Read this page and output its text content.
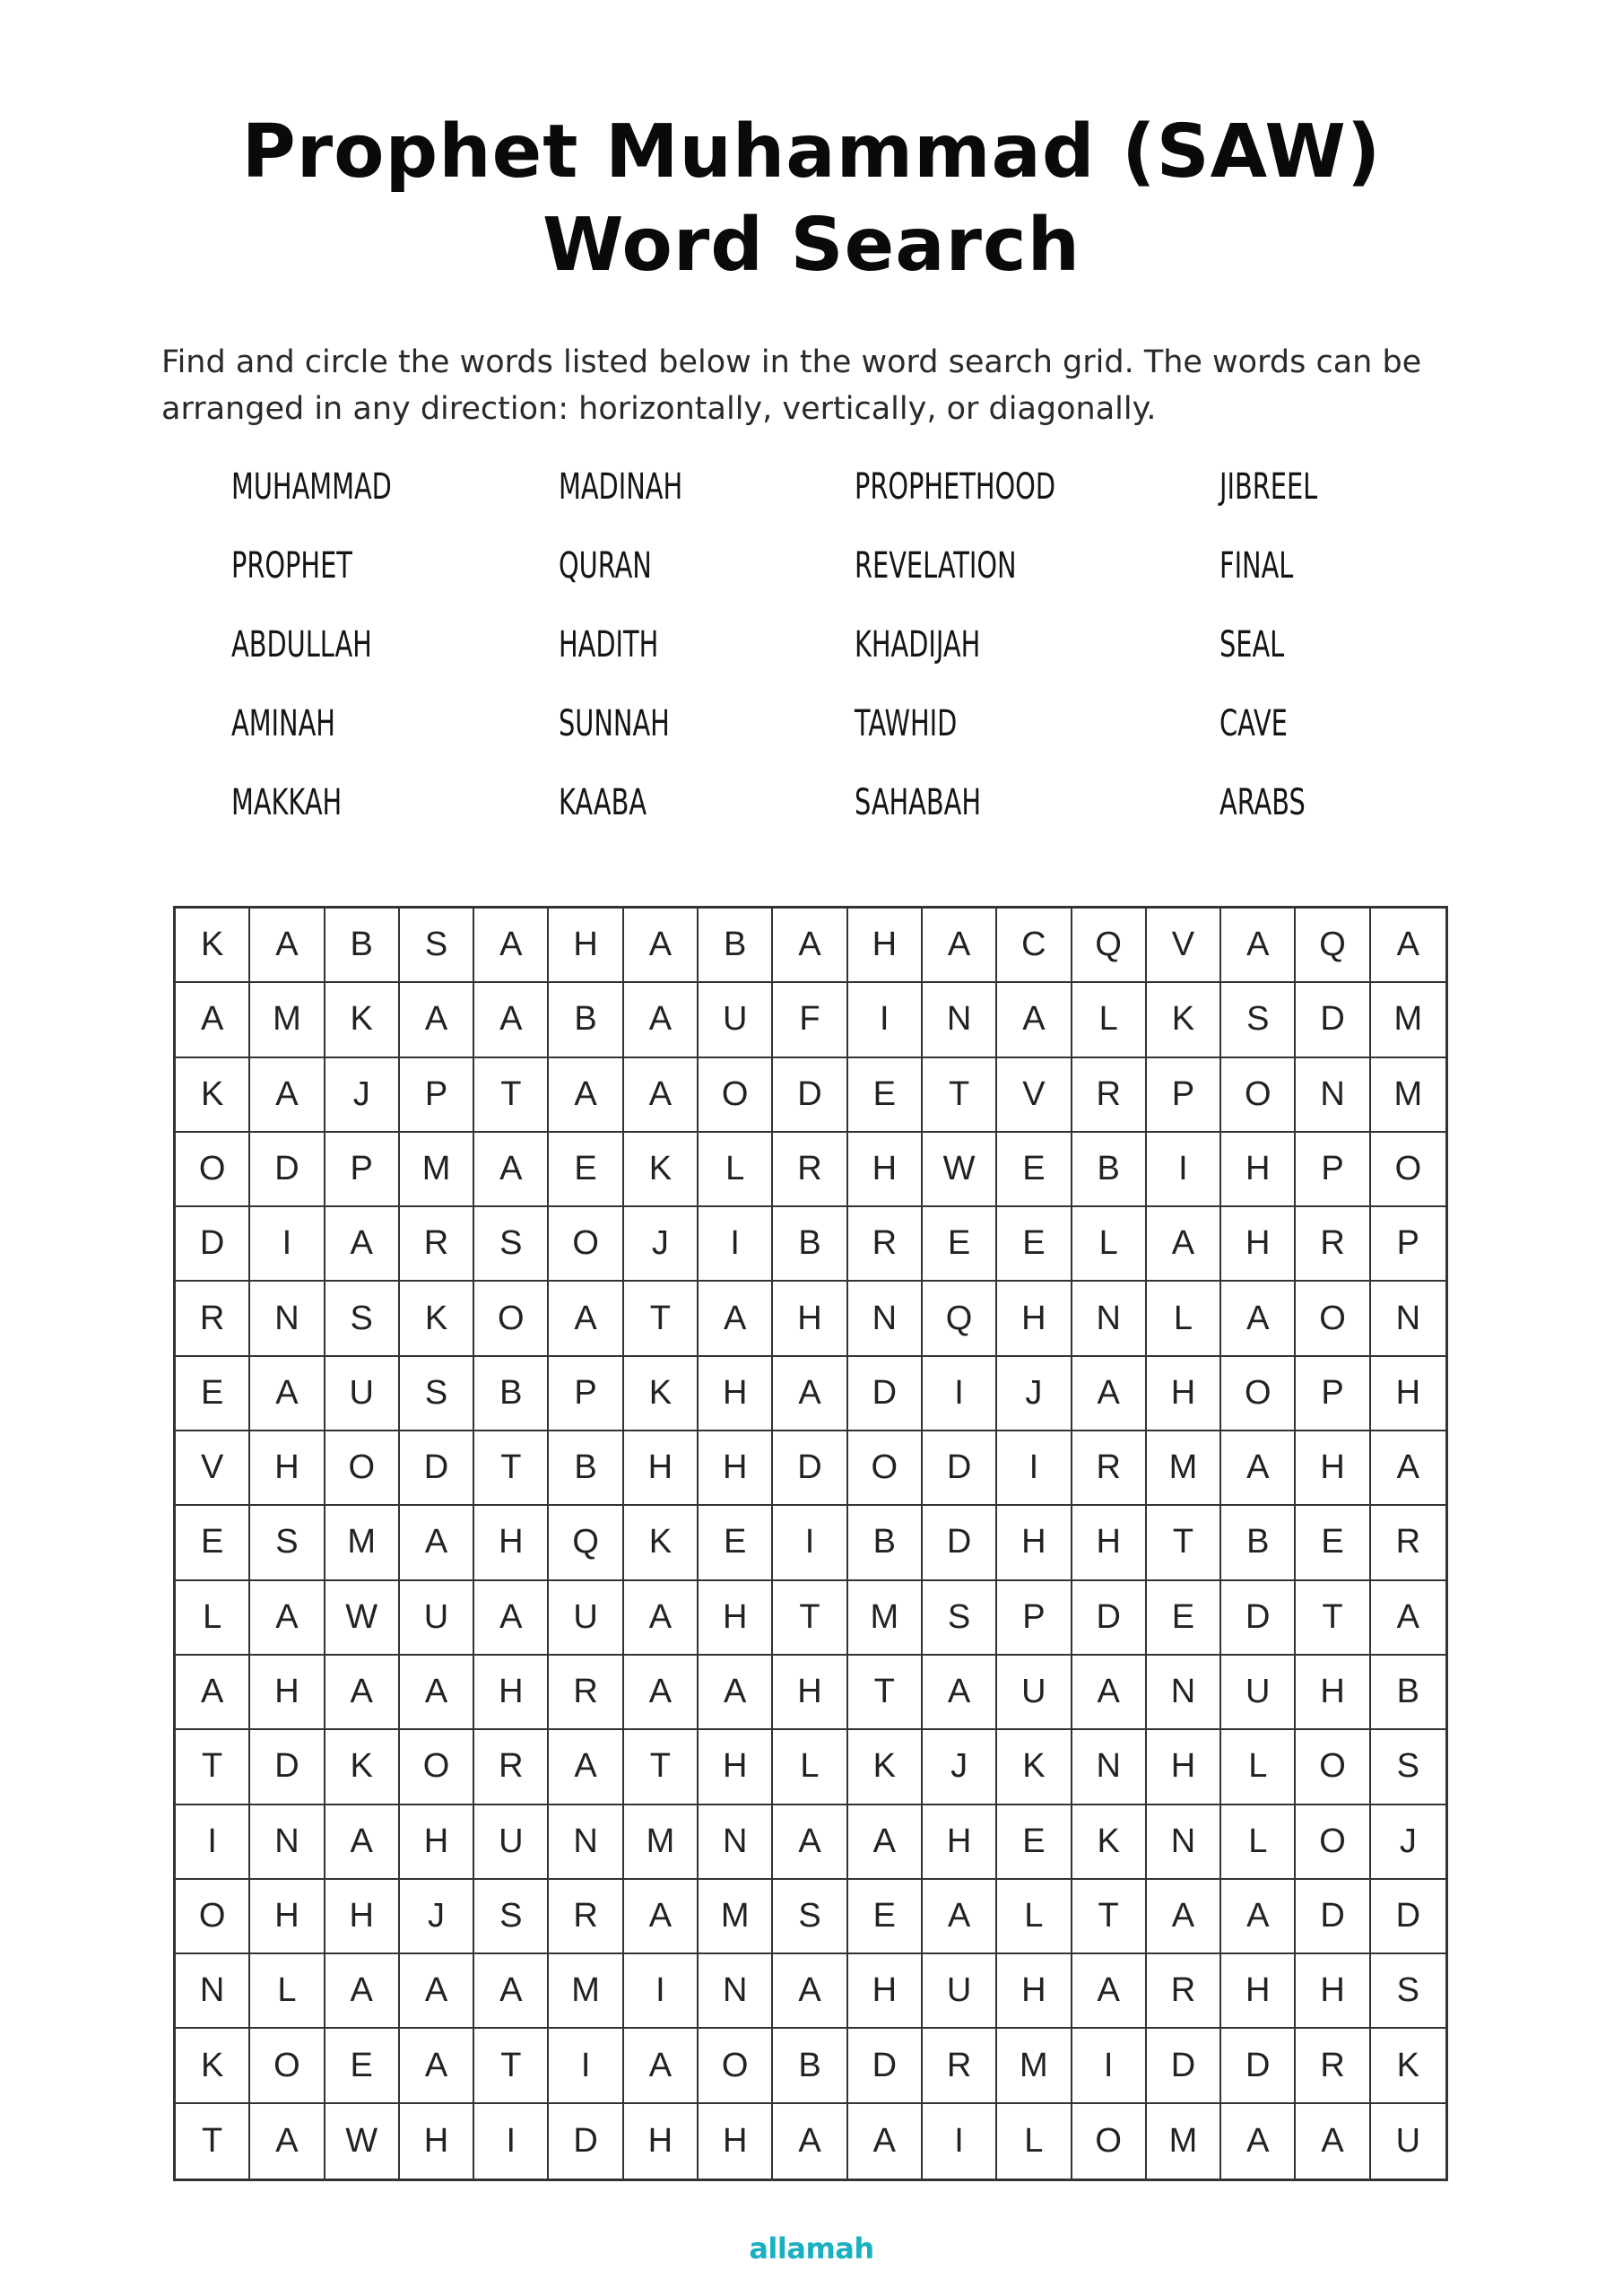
Prophet Muhammad (SAW)
Word Search
Find and circle the words listed below in the word search grid. The words can be arranged in any direction: horizontally, vertically, or diagonally.
MUHAMMAD
PROPHET
ABDULLAH
AMINAH
MAKKAH
MADINAH
QURAN
HADITH
SUNNAH
KAABA
PROPHETHOOD
REVELATION
KHADIJAH
TAWHID
SAHABAH
JIBREEL
FINAL
SEAL
CAVE
ARABS
K	A	B	S	A	H	A	B	A	H	A	C	Q	V	A	Q	A
A	M	K	A	A	B	A	U	F	I	N	A	L	K	S	D	M
K	A	J	P	T	A	A	O	D	E	T	V	R	P	O	N	M
O	D	P	M	A	E	K	L	R	H	W	E	B	I	H	P	O
D	I	A	R	S	O	J	I	B	R	E	E	L	A	H	R	P
R	N	S	K	O	A	T	A	H	N	Q	H	N	L	A	O	N
E	A	U	S	B	P	K	H	A	D	I	J	A	H	O	P	H
V	H	O	D	T	B	H	H	D	O	D	I	R	M	A	H	A
E	S	M	A	H	Q	K	E	I	B	D	H	H	T	B	E	R
L	A	W	U	A	U	A	H	T	M	S	P	D	E	D	T	A
A	H	A	A	H	R	A	A	H	T	A	U	A	N	U	H	B
T	D	K	O	R	A	T	H	L	K	J	K	N	H	L	O	S
I	N	A	H	U	N	M	N	A	A	H	E	K	N	L	O	J
O	H	H	J	S	R	A	M	S	E	A	L	T	A	A	D	D
N	L	A	A	A	M	I	N	A	H	U	H	A	R	H	H	S
K	O	E	A	T	I	A	O	B	D	R	M	I	D	D	R	K
T	A	W	H	I	D	H	H	A	A	I	L	O	M	A	A	U
allamah
